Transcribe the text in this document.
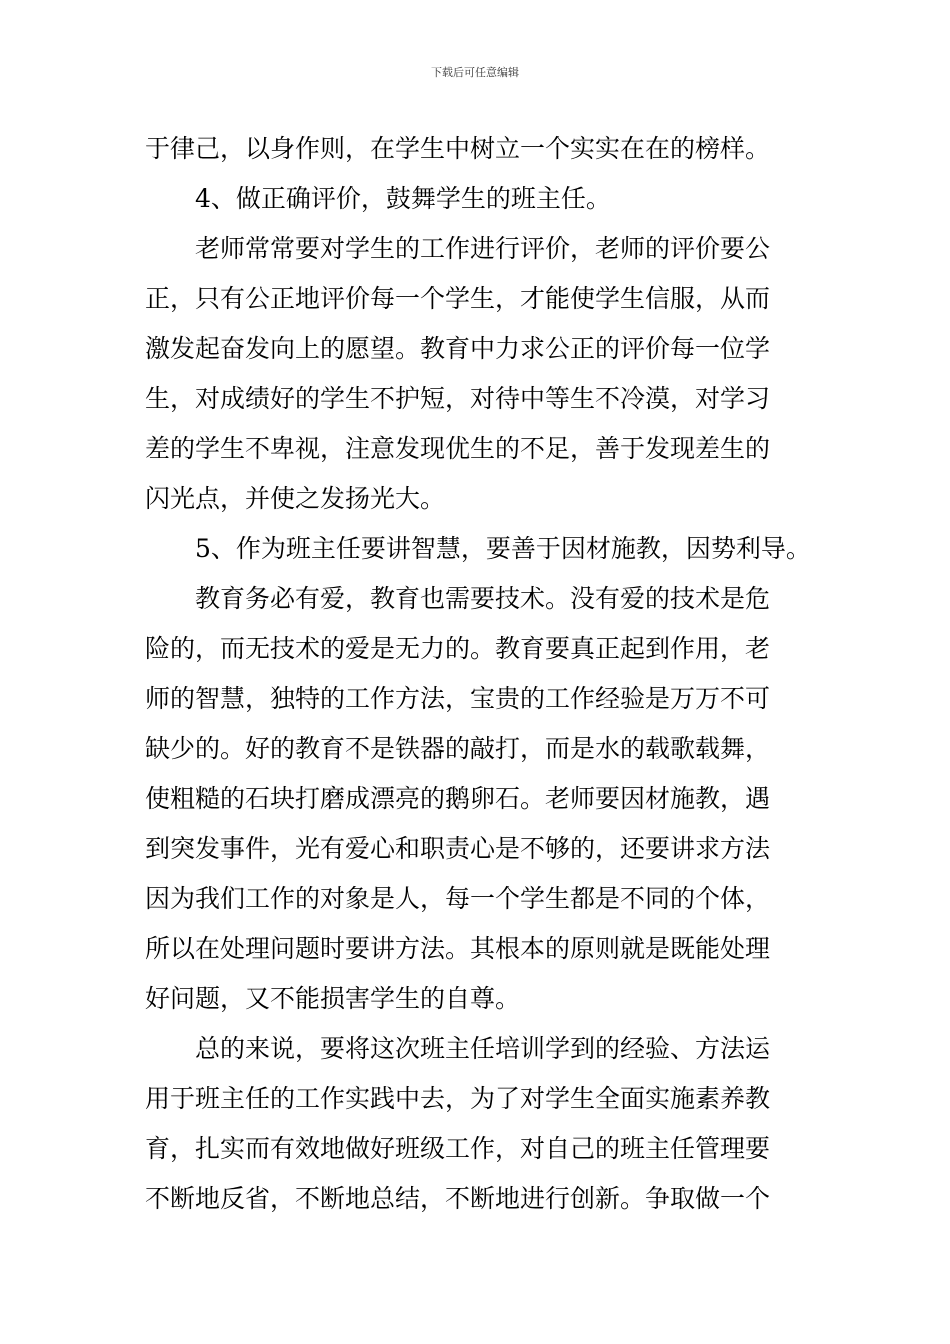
下载后可任意编辑
于律己，以身作则，在学生中树立一个实实在在的榜样。
4、做正确评价，鼓舞学生的班主任。
老师常常要对学生的工作进行评价，老师的评价要公
正，只有公正地评价每一个学生，才能使学生信服，从而
激发起奋发向上的愿望。教育中力求公正的评价每一位学
生，对成绩好的学生不护短，对待中等生不冷漠，对学习
差的学生不卑视，注意发现优生的不足，善于发现差生的
闪光点，并使之发扬光大。
5、作为班主任要讲智慧，要善于因材施教，因势利导。
教育务必有爱，教育也需要技术。没有爱的技术是危
险的，而无技术的爱是无力的。教育要真正起到作用，老
师的智慧，独特的工作方法，宝贵的工作经验是万万不可
缺少的。好的教育不是铁器的敲打，而是水的载歌载舞，
使粗糙的石块打磨成漂亮的鹅卵石。老师要因材施教，遇
到突发事件，光有爱心和职责心是不够的，还要讲求方法
因为我们工作的对象是人，每一个学生都是不同的个体，
所以在处理问题时要讲方法。其根本的原则就是既能处理
好问题，又不能损害学生的自尊。
总的来说，要将这次班主任培训学到的经验、方法运
用于班主任的工作实践中去，为了对学生全面实施素养教
育，扎实而有效地做好班级工作，对自己的班主任管理要
不断地反省，不断地总结，不断地进行创新。争取做一个
